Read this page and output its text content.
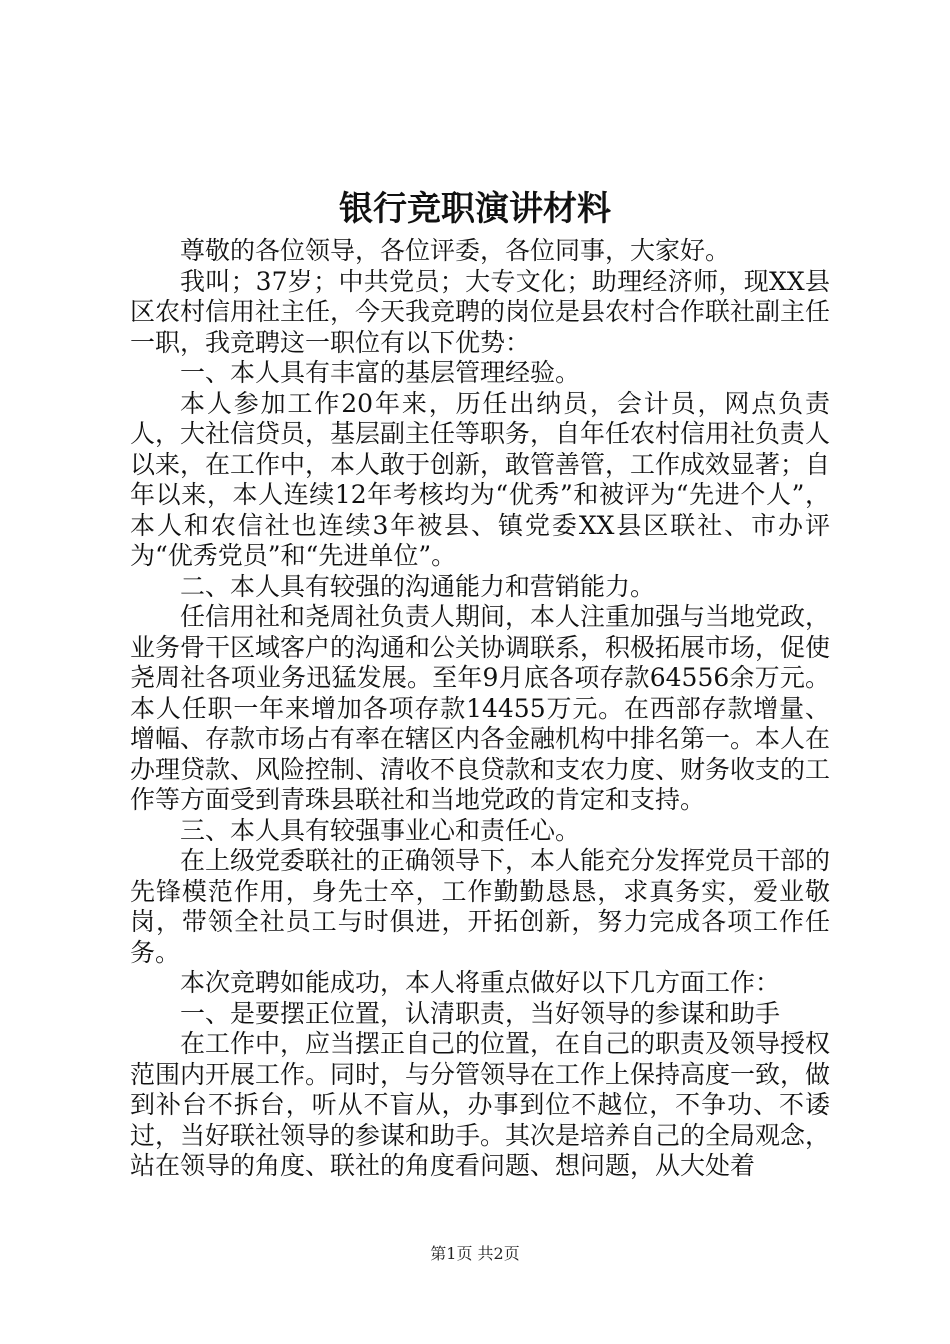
银行竞职演讲材料

尊敬的各位领导，各位评委，各位同事，大家好。

我叫；37岁；中共党员；大专文化；助理经济师，现XX县区农村信用社主任，今天我竞聘的岗位是县农村合作联社副主任一职，我竞聘这一职位有以下优势：

一、本人具有丰富的基层管理经验。

本人参加工作20年来，历任出纳员，会计员，网点负责人，大社信贷员，基层副主任等职务，自年任农村信用社负责人以来，在工作中，本人敢于创新，敢管善管，工作成效显著；自年以来，本人连续12年考核均为“优秀”和被评为“先进个人”，本人和农信社也连续3年被县、镇党委XX县区联社、市办评为“优秀党员”和“先进单位”。

二、本人具有较强的沟通能力和营销能力。

任信用社和尧周社负责人期间，本人注重加强与当地党政，业务骨干区域客户的沟通和公关协调联系，积极拓展市场，促使尧周社各项业务迅猛发展。至年9月底各项存款64556余万元。本人任职一年来增加各项存款14455万元。在西部存款增量、增幅、存款市场占有率在辖区内各金融机构中排名第一。本人在办理贷款、风险控制、清收不良贷款和支农力度、财务收支的工作等方面受到青珠县联社和当地党政的肯定和支持。

三、本人具有较强事业心和责任心。

在上级党委联社的正确领导下，本人能充分发挥党员干部的先锋模范作用，身先士卒，工作勤勤恳恳，求真务实，爱业敬岗，带领全社员工与时俱进，开拓创新，努力完成各项工作任务。

本次竞聘如能成功，本人将重点做好以下几方面工作：

一、是要摆正位置，认清职责，当好领导的参谋和助手

在工作中，应当摆正自己的位置，在自己的职责及领导授权范围内开展工作。同时，与分管领导在工作上保持高度一致，做到补台不拆台，听从不盲从，办事到位不越位，不争功、不诿过，当好联社领导的参谋和助手。其次是培养自己的全局观念，站在领导的角度、联社的角度看问题、想问题，从大处着

第1页 共2页
